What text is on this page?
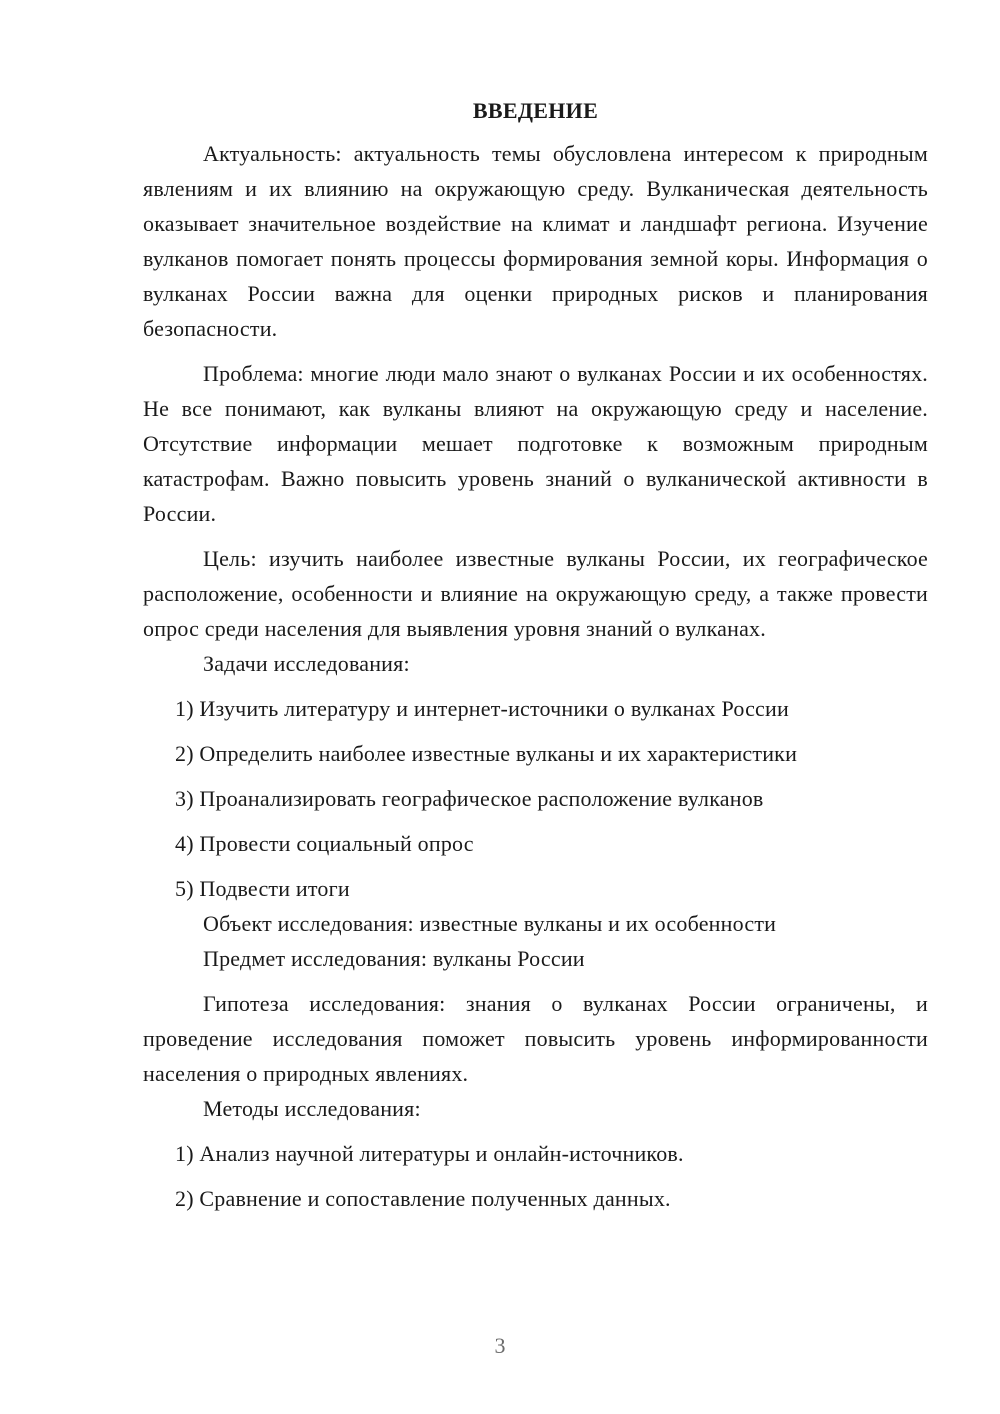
ВВЕДЕНИЕ

Актуальность: актуальность темы обусловлена интересом к природным явлениям и их влиянию на окружающую среду. Вулканическая деятельность оказывает значительное воздействие на климат и ландшафт региона. Изучение вулканов помогает понять процессы формирования земной коры. Информация о вулканах России важна для оценки природных рисков и планирования безопасности.

Проблема: многие люди мало знают о вулканах России и их особенностях. Не все понимают, как вулканы влияют на окружающую среду и население. Отсутствие информации мешает подготовке к возможным природным катастрофам. Важно повысить уровень знаний о вулканической активности в России.

Цель: изучить наиболее известные вулканы России, их географическое расположение, особенности и влияние на окружающую среду, а также провести опрос среди населения для выявления уровня знаний о вулканах.

Задачи исследования:

1) Изучить литературу и интернет-источники о вулканах России

2) Определить наиболее известные вулканы и их характеристики

3) Проанализировать географическое расположение вулканов

4) Провести социальный опрос

5) Подвести итоги

Объект исследования: известные вулканы и их особенности

Предмет исследования: вулканы России

Гипотеза исследования: знания о вулканах России ограничены, и проведение исследования поможет повысить уровень информированности населения о природных явлениях.

Методы исследования:

1) Анализ научной литературы и онлайн-источников.

2) Сравнение и сопоставление полученных данных.

3
